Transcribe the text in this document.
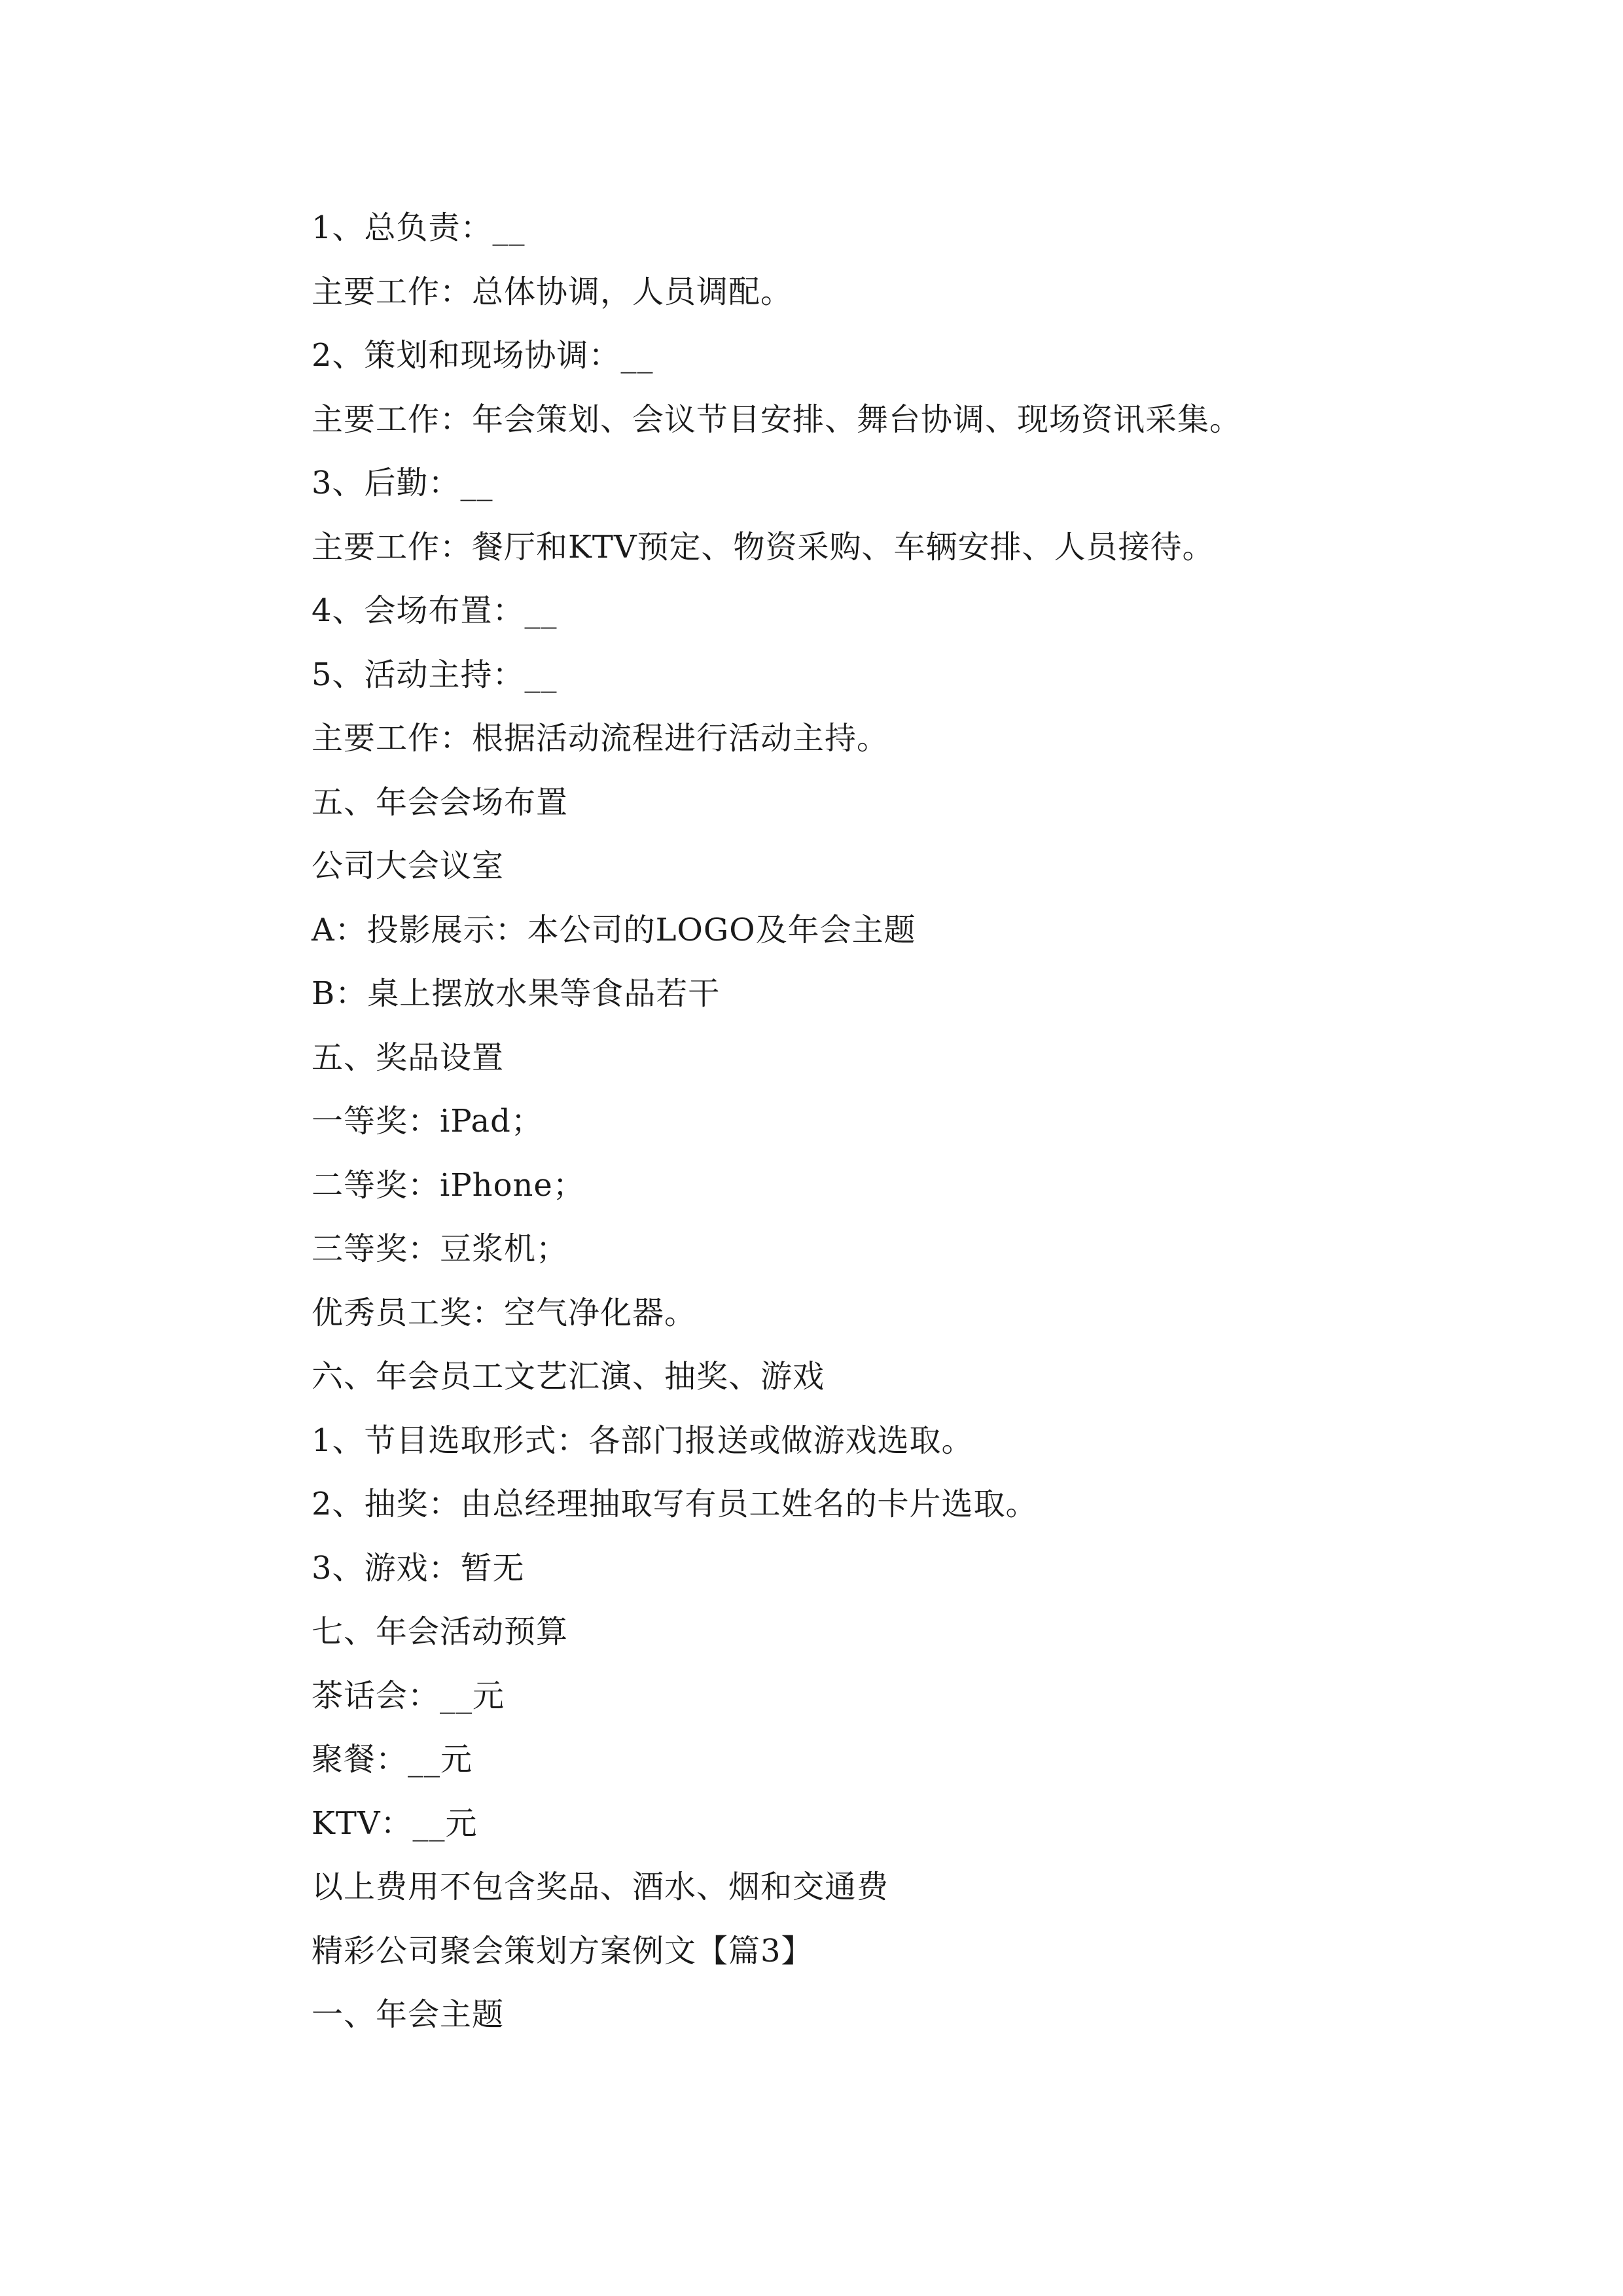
1、总负责：__
主要工作：总体协调，人员调配。
2、策划和现场协调：__
主要工作：年会策划、会议节目安排、舞台协调、现场资讯采集。
3、后勤：__
主要工作：餐厅和KTV预定、物资采购、车辆安排、人员接待。
4、会场布置：__
5、活动主持：__
主要工作：根据活动流程进行活动主持。
五、年会会场布置
公司大会议室
A：投影展示：本公司的LOGO及年会主题
B：桌上摆放水果等食品若干
五、奖品设置
一等奖：iPad；
二等奖：iPhone；
三等奖：豆浆机；
优秀员工奖：空气净化器。
六、年会员工文艺汇演、抽奖、游戏
1、节目选取形式：各部门报送或做游戏选取。
2、抽奖：由总经理抽取写有员工姓名的卡片选取。
3、游戏：暂无
七、年会活动预算
茶话会：__元
聚餐：__元
KTV：__元
以上费用不包含奖品、酒水、烟和交通费
精彩公司聚会策划方案例文【篇3】
一、年会主题
